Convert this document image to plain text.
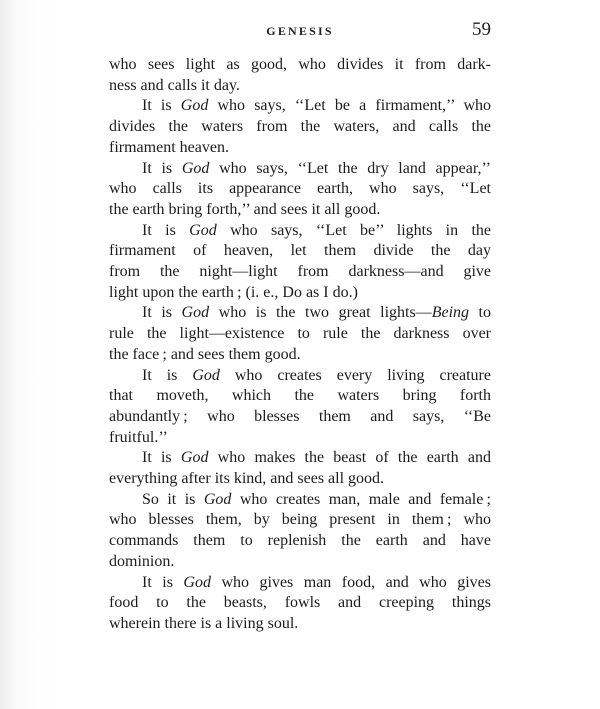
GENESIS	59
who sees light as good, who divides it from dark-
ness and calls it day.
It is God who says, ‘‘Let be a firmament,’’ who
divides the waters from the waters, and calls the
firmament heaven.
It is God who says, ‘‘Let the dry land appear,’’
who calls its appearance earth, who says, ‘‘Let
the earth bring forth,’’ and sees it all good.
It is God who says, ‘‘Let be’’ lights in the
firmament of heaven, let them divide the day
from the night—light from darkness—and give
light upon the earth ; (i. e., Do as I do.)
It is God who is the two great lights—Being to
rule the light—existence to rule the darkness over
the face ; and sees them good.
It is God who creates every living creature
that moveth, which the waters bring forth
abundantly ; who blesses them and says, ‘‘Be
fruitful.’’
It is God who makes the beast of the earth and
everything after its kind, and sees all good.
So it is God who creates man, male and female ;
who blesses them, by being present in them ; who
commands them to replenish the earth and have
dominion.
It is God who gives man food, and who gives
food to the beasts, fowls and creeping things
wherein there is a living soul.
